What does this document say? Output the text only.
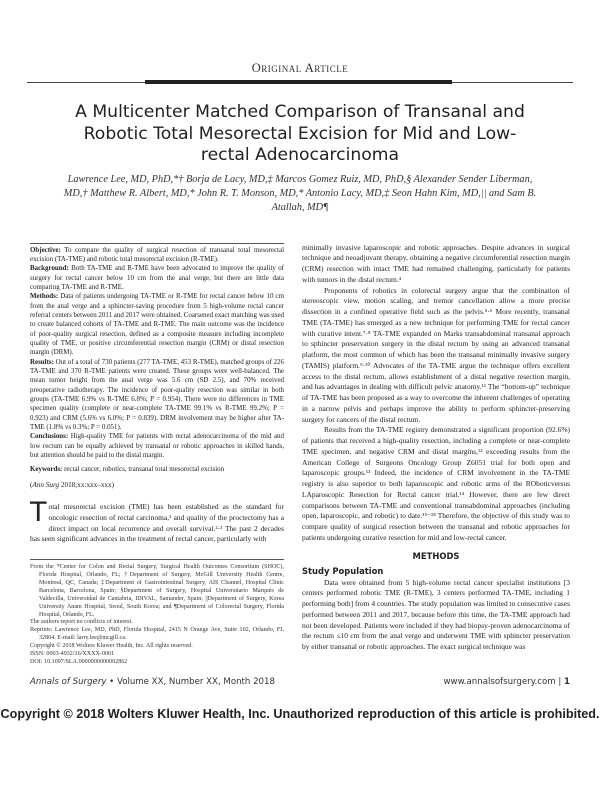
Original Article
A Multicenter Matched Comparison of Transanal and Robotic Total Mesorectal Excision for Mid and Low-rectal Adenocarcinoma
Lawrence Lee, MD, PhD,*† Borja de Lacy, MD,‡ Marcos Gomez Ruiz, MD, PhD,§ Alexander Sender Liberman, MD,† Matthew R. Albert, MD,* John R. T. Monson, MD,* Antonio Lacy, MD,‡ Seon Hahn Kim, MD,|| and Sam B. Atallah, MD¶

Objective: To compare the quality of surgical resection of transanal total mesorectal excision (TA-TME) and robotic total mesorectal excision (R-TME).

Background: Both TA-TME and R-TME have been advocated to improve the quality of surgery for rectal cancer below 10 cm from the anal verge, but there are little data comparing TA-TME and R-TME.

Methods: Data of patients undergoing TA-TME or R-TME for rectal cancer below 10 cm from the anal verge and a sphincter-saving procedure from 5 high-volume rectal cancer referral centers between 2011 and 2017 were obtained. Coarsened exact matching was used to create balanced cohorts of TA-TME and R-TME. The main outcome was the incidence of poor-quality surgical resection, defined as a composite measure including incomplete quality of TME, or positive circumferential resection margin (CRM) or distal resection margin (DRM).

Results: Out of a total of 730 patients (277 TA-TME, 453 R-TME), matched groups of 226 TA-TME and 370 R-TME patients were created. These groups were well-balanced. The mean tumor height from the anal verge was 5.6 cm (SD 2.5), and 70% received preoperative radiotherapy. The incidence of poor-quality resection was similar in both groups (TA-TME 6.9% vs R-TME 6.8%; P = 0.954). There were no differences in TME specimen quality (complete or near-complete TA-TME 99.1% vs R-TME 99.2%; P = 0.923) and CRM (5.6% vs 6.0%; P = 0.839). DRM involvement may be higher after TA-TME (1.8% vs 0.3%; P = 0.051).

Conclusions: High-quality TME for patients with rectal adenocarcinoma of the mid and low rectum can be equally achieved by transanal or robotic approaches in skilled hands, but attention should be paid to the distal margin.

Keywords: rectal cancer, robotics, transanal total mesorectal excision

(Ann Surg 2018;xx:xxx–xxx)

Total mesorectal excision (TME) has been established as the standard for oncologic resection of rectal carcinoma,¹ and quality of the proctectomy has a direct impact on local recurrence and overall survival.²·³ The past 2 decades has seen significant advances in the treatment of rectal cancer, particularly with

From the *Center for Colon and Rectal Surgery, Surgical Health Outcomes Consortium (SHOC), Florida Hospital, Orlando, FL; †Department of Surgery, McGill University Health Centre, Montreal, QC, Canada; ‡Department of Gastrointestinal Surgery, AIS Channel, Hospital Clinic Barcelona, Barcelona, Spain; §Department of Surgery, Hospital Universitario Marqués de Valdecilla, Universidad de Cantabria, IDIVAL, Santander, Spain; ||Department of Surgery, Korea University Anam Hospital, Seoul, South Korea; and ¶Department of Colorectal Surgery, Florida Hospital, Orlando, FL.

The authors report no conflicts of interest.

Reprints: Lawrence Lee, MD, PhD, Florida Hospital, 2415 N Orange Ave, Suite 102, Orlando, FL 32804. E-mail: larry.lee@mcgill.ca.

Copyright © 2018 Wolters Kluwer Health, Inc. All rights reserved.

ISSN: 0003-4932/16/XXXX-0001

DOI: 10.1097/SLA.0000000000002862

minimally invasive laparoscopic and robotic approaches. Despite advances in surgical technique and neoadjuvant therapy, obtaining a negative circumferential resection margin (CRM) resection with intact TME had remained challenging, particularly for patients with tumors in the distal rectum.⁴

Proponents of robotics in colorectal surgery argue that the combination of stereoscopic view, motion scaling, and tremor cancellation allow a more precise dissection in a confined operative field such as the pelvis.⁵·⁶ More recently, transanal TME (TA-TME) has emerged as a new technique for performing TME for rectal cancer with curative intent.⁷·⁸ TA-TME expanded on Marks transabdominal transanal approach to sphincter preservation surgery in the distal rectum by using an advanced transanal platform, the most common of which has been the transanal minimally invasive surgery (TAMIS) platform.⁹·¹⁰ Advocates of the TA-TME argue the technique offers excellent access to the distal rectum, allows establishment of a distal negative resection margin, and has advantages in dealing with difficult pelvic anatomy.¹¹ The “bottom-up” technique of TA-TME has been proposed as a way to overcome the inherent challenges of operating in a narrow pelvis and perhaps improve the ability to perform sphincter-preserving surgery for cancers of the distal rectum.

Results from the TA-TME registry demonstrated a significant proportion (92.6%) of patients that received a high-quality resection, including a complete or near-complete TME specimen, and negative CRM and distal margins,¹² exceeding results from the American College of Surgeons Oncology Group Z6051 trial for both open and laparoscopic groups.¹³ Indeed, the incidence of CRM involvement in the TA-TME registry is also superior to both laparoscopic and robotic arms of the ROboticversus LAparoscopic Resection for Rectal cancer trial.¹⁴ However, there are few direct comparisons between TA-TME and conventional transabdominal approaches (including open, laparoscopic, and robotic) to date.¹⁵⁻¹⁸ Therefore, the objective of this study was to compare quality of surgical resection between the transanal and robotic approaches for patients undergoing curative resection for mid and low-rectal cancer.

METHODS

Study Population

Data were obtained from 5 high-volume rectal cancer specialist institutions [3 centers performed robotic TME (R-TME), 3 centers performed TA-TME, including 1 performing both] from 4 countries. The study population was limited to consecutive cases performed between 2011 and 2017, because before this time, the TA-TME approach had not been developed. Patients were included if they had biopsy-proven adenocarcinoma of the rectum ≤10 cm from the anal verge and underwent TME with sphincter preservation by either transanal or robotic approaches. The exact surgical technique was

Annals of Surgery • Volume XX, Number XX, Month 2018	www.annalsofsurgery.com | 1
Copyright © 2018 Wolters Kluwer Health, Inc. Unauthorized reproduction of this article is prohibited.
